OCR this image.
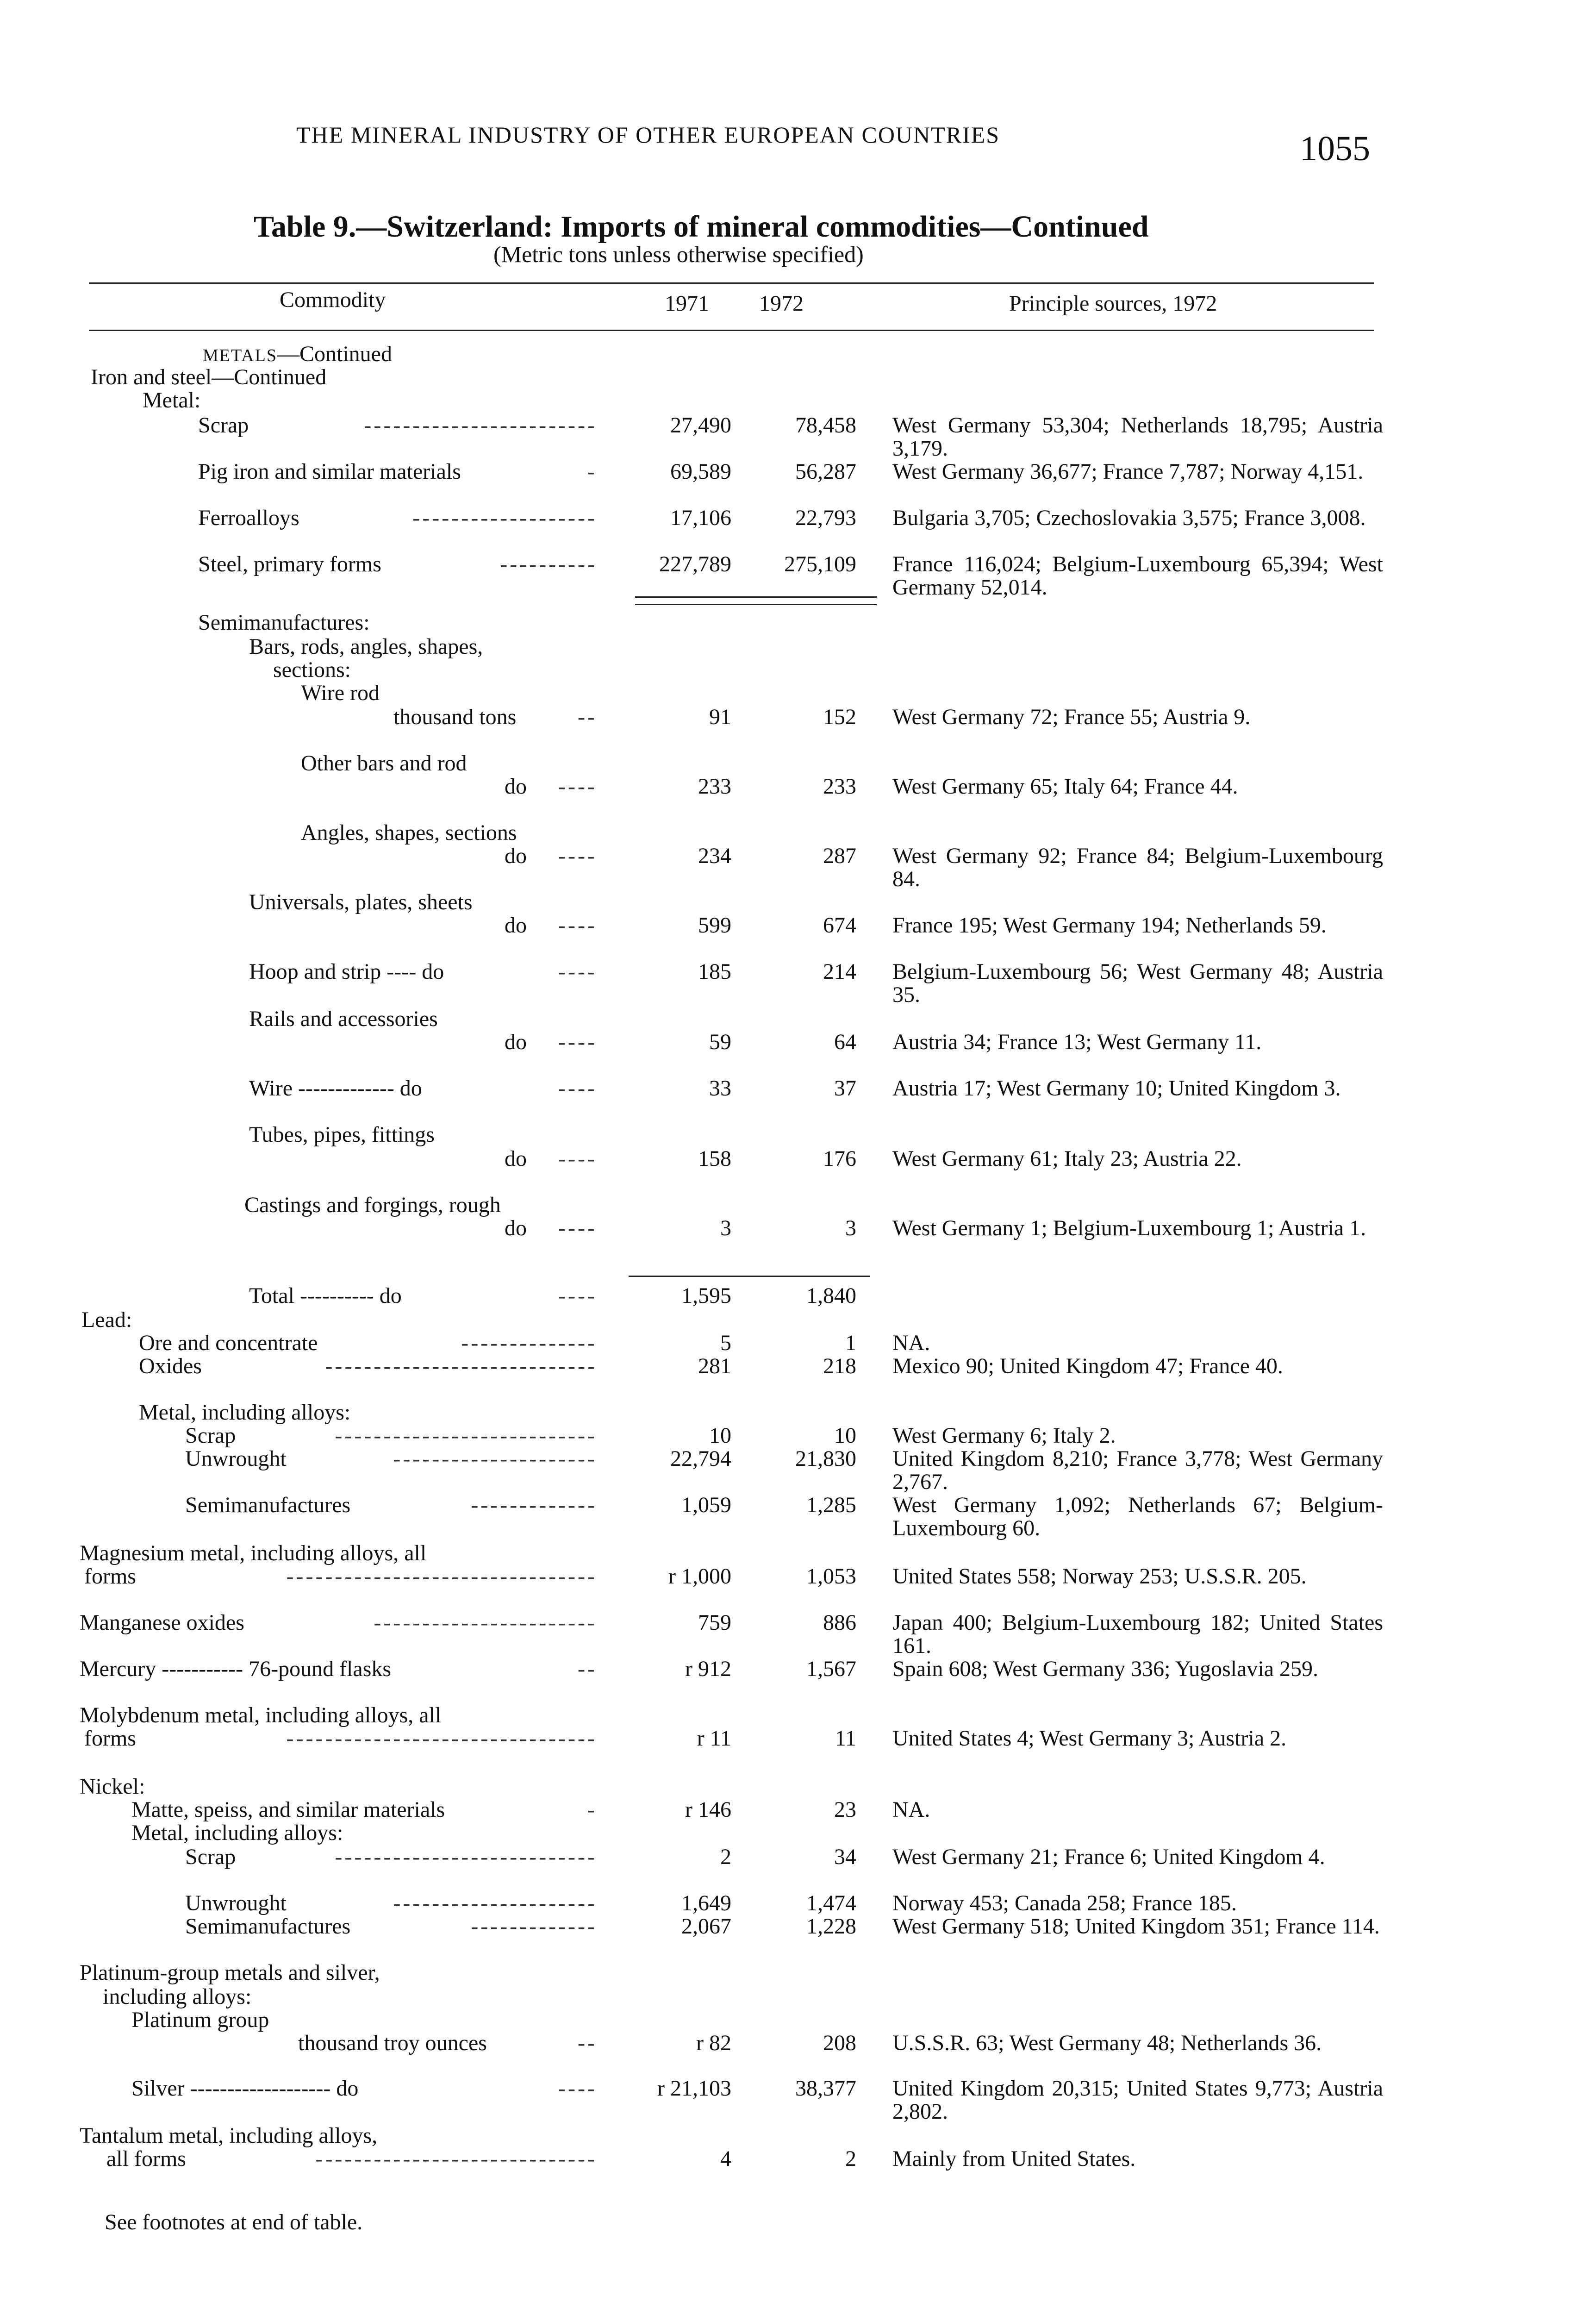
THE MINERAL INDUSTRY OF OTHER EUROPEAN COUNTRIES	1055
Table 9.—Switzerland: Imports of mineral commodities—Continued
(Metric tons unless otherwise specified)
Commodity	1971 1972	Principle sources, 1972
METALS—Continued
Iron and steel—Continued
Metal:
Scrap	------------------------	27,490	78,458 West Germany 53,304; Netherlands 18,795; Austria 3,179.
Pig iron and similar materials	-	69,589	56,287 West Germany 36,677; France 7,787; Norway 4,151.
Ferroalloys	-------------------	17,106	22,793 Bulgaria 3,705; Czechoslovakia 3,575; France 3,008.
Steel, primary forms	----------	227,789 275,109 France 116,024; Belgium-Luxembourg 65,394; West Germany 52,014.
Semimanufactures:
Bars, rods, angles, shapes,
sections:
Wire rod
thousand tons	--	91	152 West Germany 72; France 55; Austria 9.
Other bars and rod
do	----	233	233 West Germany 65; Italy 64; France 44.
Angles, shapes, sections
do	----	234	287 West Germany 92; France 84; Belgium-Luxembourg 84.
Universals, plates, sheets
do	----	599	674 France 195; West Germany 194; Netherlands 59.
Hoop and strip ---- do	----	185	214 Belgium-Luxembourg 56; West Germany 48; Austria 35.
Rails and accessories
do	----	59	64 Austria 34; France 13; West Germany 11.
Wire ------------- do	----	33	37 Austria 17; West Germany 10; United Kingdom 3.
Tubes, pipes, fittings
do	----	158	176 West Germany 61; Italy 23; Austria 22.
Castings and forgings, rough
do	----	3	3 West Germany 1; Belgium-Luxembourg 1; Austria 1.
Total ---------- do	----	1,595	1,840
Lead:
Ore and concentrate	--------------	5	1 NA.
Oxides	----------------------------	281	218 Mexico 90; United Kingdom 47; France 40.
Metal, including alloys:
Scrap	---------------------------	10	10 West Germany 6; Italy 2.
Unwrought	---------------------	22,794	21,830 United Kingdom 8,210; France 3,778; West Germany 2,767.
Semimanufactures	-------------	1,059	1,285 West Germany 1,092; Netherlands 67; Belgium-Luxembourg 60.
Magnesium metal, including alloys, all
forms	--------------------------------	r 1,000	1,053 United States 558; Norway 253; U.S.S.R. 205.
Manganese oxides	-----------------------	759	886 Japan 400; Belgium-Luxembourg 182; United States 161.
Mercury ----------- 76-pound flasks	--	r 912	1,567 Spain 608; West Germany 336; Yugoslavia 259.
Molybdenum metal, including alloys, all
forms	--------------------------------	r 11	11 United States 4; West Germany 3; Austria 2.
Nickel:
Matte, speiss, and similar materials	-	r 146	23 NA.
Metal, including alloys:
Scrap	---------------------------	2	34 West Germany 21; France 6; United Kingdom 4.
Unwrought	---------------------	1,649	1,474 Norway 453; Canada 258; France 185.
Semimanufactures	-------------	2,067	1,228 West Germany 518; United Kingdom 351; France 114.
Platinum-group metals and silver,
including alloys:
Platinum group
thousand troy ounces	--	r 82	208 U.S.S.R. 63; West Germany 48; Netherlands 36.
Silver ------------------- do	----	r 21,103	38,377 United Kingdom 20,315; United States 9,773; Austria 2,802.
Tantalum metal, including alloys,
all forms	-----------------------------	4	2 Mainly from United States.
See footnotes at end of table.
